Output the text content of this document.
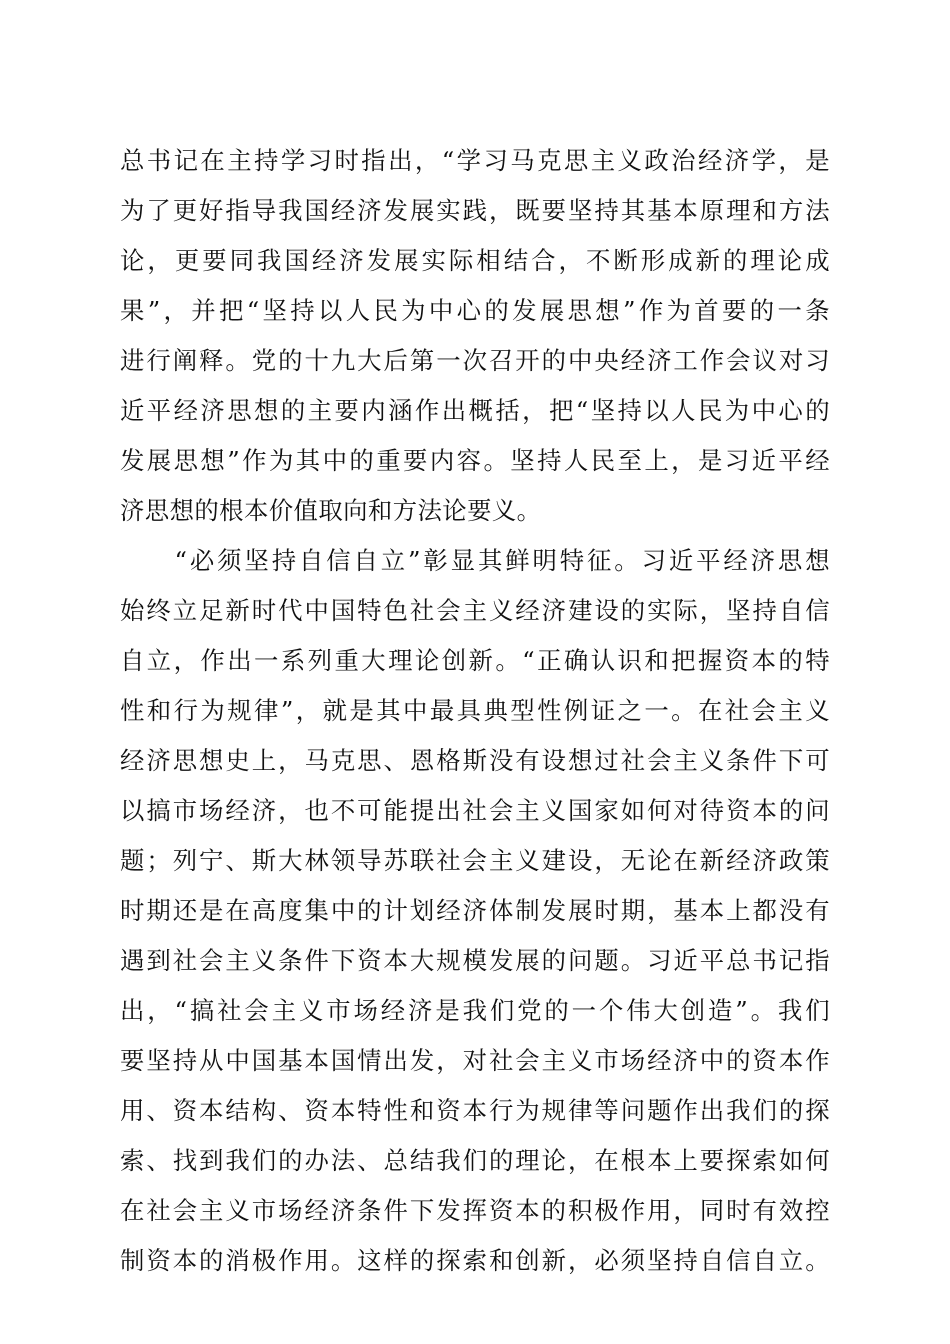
总书记在主持学习时指出，“学习马克思主义政治经济学，是
为了更好指导我国经济发展实践，既要坚持其基本原理和方法
论，更要同我国经济发展实际相结合，不断形成新的理论成
果”，并把“坚持以人民为中心的发展思想”作为首要的一条
进行阐释。党的十九大后第一次召开的中央经济工作会议对习
近平经济思想的主要内涵作出概括，把“坚持以人民为中心的
发展思想”作为其中的重要内容。坚持人民至上，是习近平经
济思想的根本价值取向和方法论要义。
　　“必须坚持自信自立”彰显其鲜明特征。习近平经济思想
始终立足新时代中国特色社会主义经济建设的实际，坚持自信
自立，作出一系列重大理论创新。“正确认识和把握资本的特
性和行为规律”，就是其中最具典型性例证之一。在社会主义
经济思想史上，马克思、恩格斯没有设想过社会主义条件下可
以搞市场经济，也不可能提出社会主义国家如何对待资本的问
题；列宁、斯大林领导苏联社会主义建设，无论在新经济政策
时期还是在高度集中的计划经济体制发展时期，基本上都没有
遇到社会主义条件下资本大规模发展的问题。习近平总书记指
出，“搞社会主义市场经济是我们党的一个伟大创造”。我们
要坚持从中国基本国情出发，对社会主义市场经济中的资本作
用、资本结构、资本特性和资本行为规律等问题作出我们的探
索、找到我们的办法、总结我们的理论，在根本上要探索如何
在社会主义市场经济条件下发挥资本的积极作用，同时有效控
制资本的消极作用。这样的探索和创新，必须坚持自信自立。
